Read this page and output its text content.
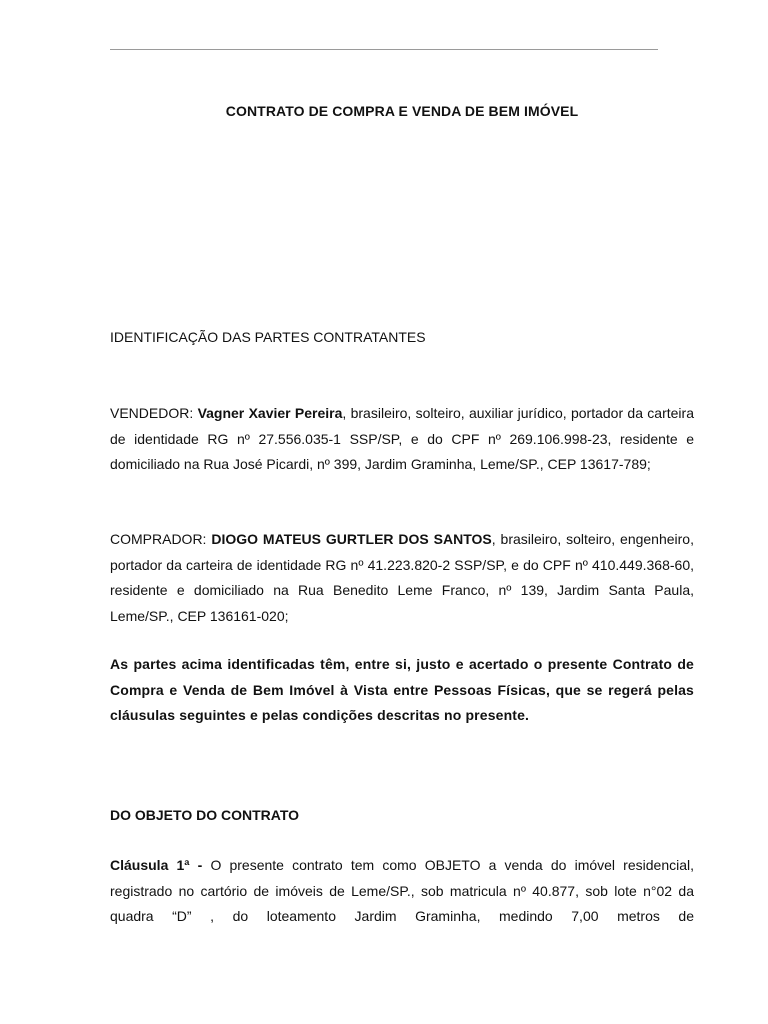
CONTRATO DE COMPRA E VENDA DE BEM IMÓVEL
IDENTIFICAÇÃO DAS PARTES CONTRATANTES

VENDEDOR: Vagner Xavier Pereira, brasileiro, solteiro, auxiliar jurídico, portador da carteira de identidade RG nº 27.556.035-1 SSP/SP, e do CPF nº 269.106.998-23, residente e domiciliado na Rua José Picardi, nº 399, Jardim Graminha, Leme/SP., CEP 13617-789;

COMPRADOR: DIOGO MATEUS GURTLER DOS SANTOS, brasileiro, solteiro, engenheiro, portador da carteira de identidade RG nº 41.223.820-2 SSP/SP, e do CPF nº 410.449.368-60, residente e domiciliado na Rua Benedito Leme Franco, nº 139, Jardim Santa Paula, Leme/SP., CEP 136161-020;

As partes acima identificadas têm, entre si, justo e acertado o presente Contrato de Compra e Venda de Bem Imóvel à Vista entre Pessoas Físicas, que se regerá pelas cláusulas seguintes e pelas condições descritas no presente.

DO OBJETO DO CONTRATO

Cláusula 1ª - O presente contrato tem como OBJETO a venda do imóvel residencial, registrado no cartório de imóveis de Leme/SP., sob matricula nº 40.877, sob lote n°02 da quadra “D” , do loteamento Jardim Graminha, medindo 7,00 metros de
